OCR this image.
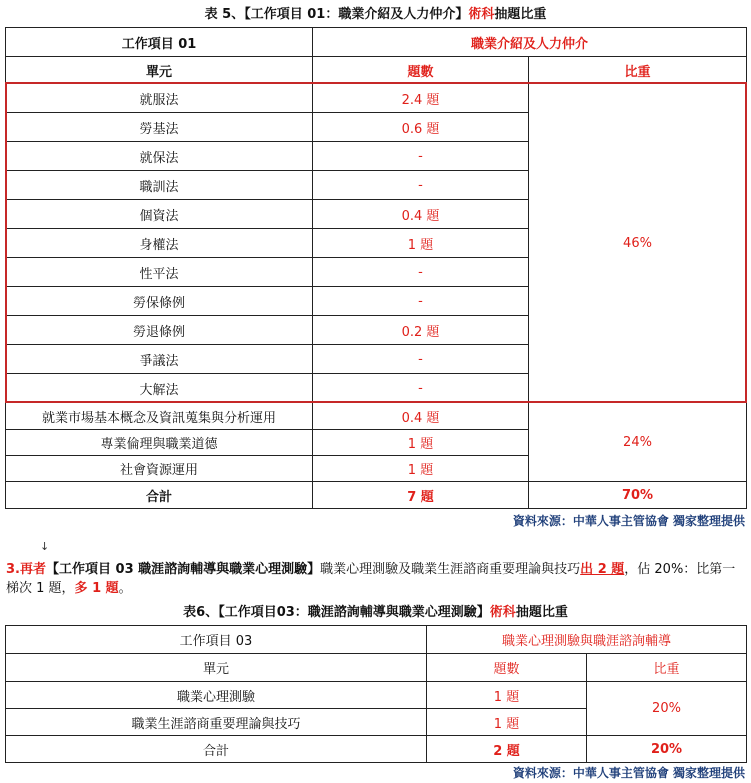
表 5、【工作項目 01：職業介紹及人力仲介】術科抽題比重
工作項目 01	職業介紹及人力仲介	
單元	題數	比重
就服法	2.4 題	46%
勞基法	0.6 題	
就保法	-	
職訓法	-	
個資法	0.4 題	
身權法	1 題	
性平法	-	
勞保條例	-	
勞退條例	0.2 題	
爭議法	-	
大解法	-	
就業市場基本概念及資訊蒐集與分析運用	0.4 題	24%
專業倫理與職業道德	1 題	
社會資源運用	1 題	
合計	7 題	70%
資料來源：中華人事主管協會 獨家整理提供
↓
3.再者【工作項目 03 職涯諮詢輔導與職業心理測驗】職業心理測驗及職業生涯諮商重要理論與技巧出 2 題，佔 20%：比第一梯次 1 題，多 1 題。
表6、【工作項目03：職涯諮詢輔導與職業心理測驗】術科抽題比重
工作項目 03	職業心理測驗與職涯諮詢輔導	
單元	題數	比重
職業心理測驗	1 題	20%
職業生涯諮商重要理論與技巧	1 題	
合計	2 題	20%
資料來源：中華人事主管協會 獨家整理提供
